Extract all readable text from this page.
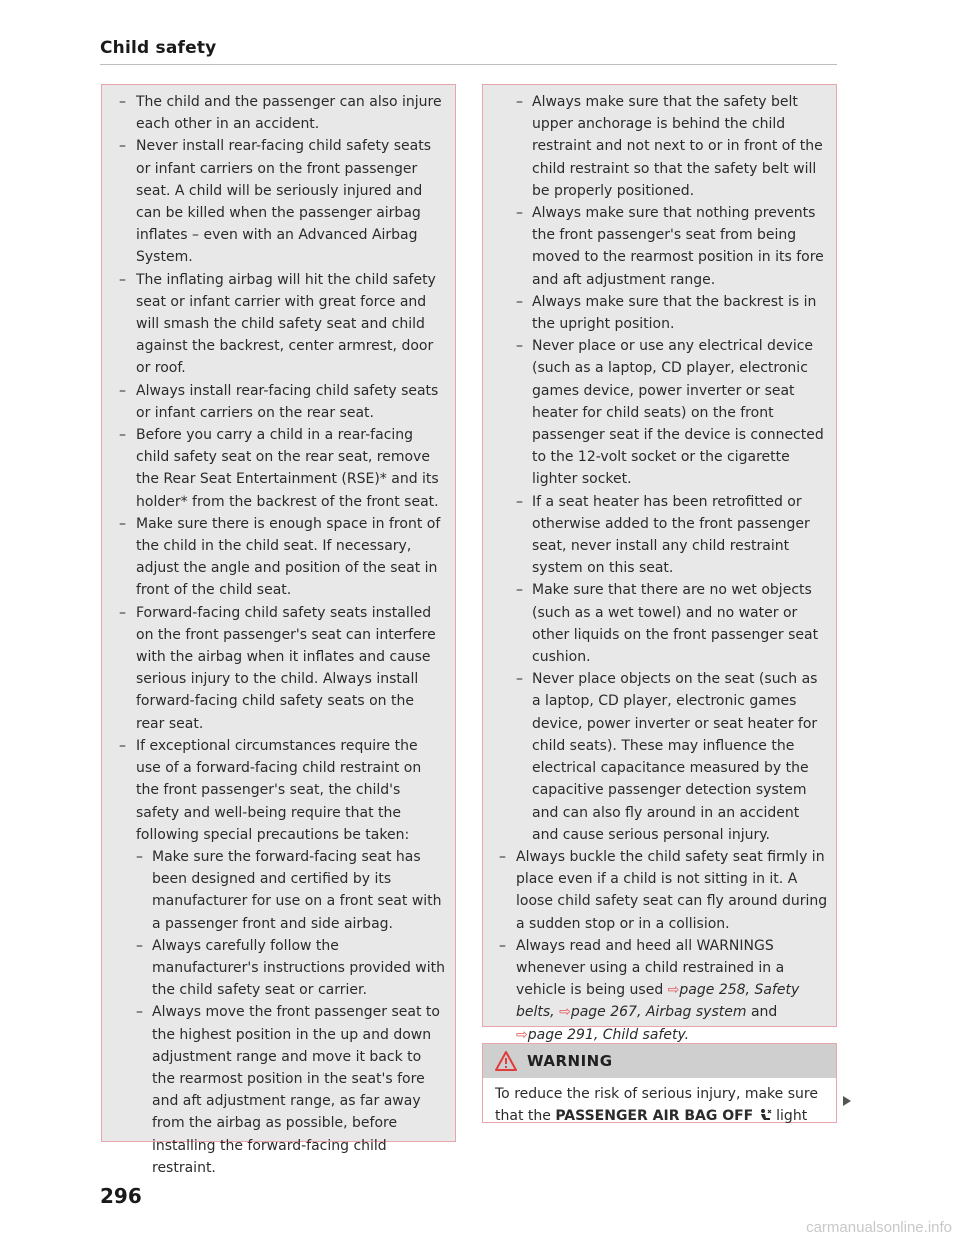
Child safety
– The child and the passenger can also injure each other in an accident.
– Never install rear-facing child safety seats or infant carriers on the front passenger seat. A child will be seriously injured and can be killed when the passenger airbag inflates – even with an Advanced Airbag System.
– The inflating airbag will hit the child safety seat or infant carrier with great force and will smash the child safety seat and child against the backrest, center armrest, door or roof.
– Always install rear-facing child safety seats or infant carriers on the rear seat.
– Before you carry a child in a rear-facing child safety seat on the rear seat, remove the Rear Seat Entertainment (RSE)* and its holder* from the backrest of the front seat.
– Make sure there is enough space in front of the child in the child seat. If necessary, adjust the angle and position of the seat in front of the child seat.
– Forward-facing child safety seats installed on the front passenger's seat can interfere with the airbag when it inflates and cause serious injury to the child. Always install forward-facing child safety seats on the rear seat.
– If exceptional circumstances require the use of a forward-facing child restraint on the front passenger's seat, the child's safety and well-being require that the following special precautions be taken:
– Make sure the forward-facing seat has been designed and certified by its manufacturer for use on a front seat with a passenger front and side airbag.
– Always carefully follow the manufacturer's instructions provided with the child safety seat or carrier.
– Always move the front passenger seat to the highest position in the up and down adjustment range and move it back to the rearmost position in the seat's fore and aft adjustment range, as far away from the airbag as possible, before installing the forward-facing child restraint.
– Always make sure that the safety belt upper anchorage is behind the child restraint and not next to or in front of the child restraint so that the safety belt will be properly positioned.
– Always make sure that nothing prevents the front passenger's seat from being moved to the rearmost position in its fore and aft adjustment range.
– Always make sure that the backrest is in the upright position.
– Never place or use any electrical device (such as a laptop, CD player, electronic games device, power inverter or seat heater for child seats) on the front passenger seat if the device is connected to the 12-volt socket or the cigarette lighter socket.
– If a seat heater has been retrofitted or otherwise added to the front passenger seat, never install any child restraint system on this seat.
– Make sure that there are no wet objects (such as a wet towel) and no water or other liquids on the front passenger seat cushion.
– Never place objects on the seat (such as a laptop, CD player, electronic games device, power inverter or seat heater for child seats). These may influence the electrical capacitance measured by the capacitive passenger detection system and can also fly around in an accident and cause serious personal injury.
– Always buckle the child safety seat firmly in place even if a child is not sitting in it. A loose child safety seat can fly around during a sudden stop or in a collision.
– Always read and heed all WARNINGS whenever using a child restrained in a vehicle is being used ⇨page 258, Safety belts, ⇨page 267, Airbag system and ⇨page 291, Child safety.
WARNING
To reduce the risk of serious injury, make sure that the PASSENGER AIR BAG OFF light
296
carmanualsonline.info
